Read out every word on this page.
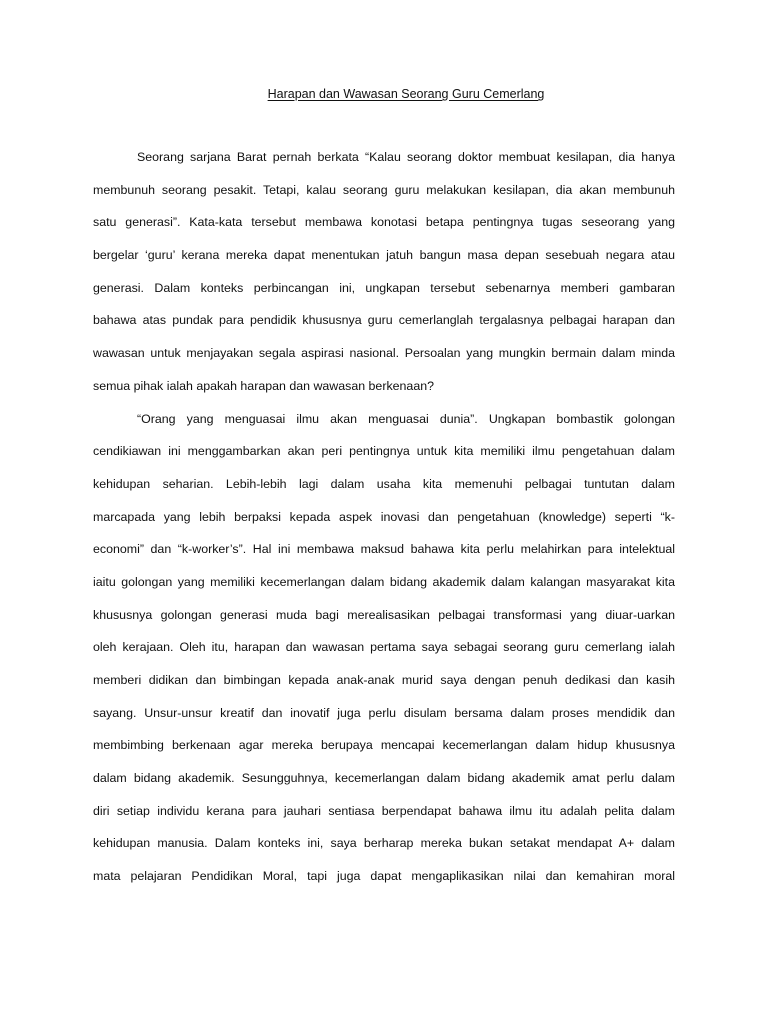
Harapan dan Wawasan Seorang Guru Cemerlang
Seorang sarjana Barat pernah berkata “Kalau seorang doktor membuat kesilapan, dia hanya
membunuh seorang pesakit. Tetapi, kalau seorang guru melakukan kesilapan, dia akan membunuh
satu generasi”. Kata-kata tersebut membawa konotasi betapa pentingnya tugas seseorang yang
bergelar ‘guru’ kerana mereka dapat menentukan jatuh bangun masa depan sesebuah negara atau
generasi. Dalam konteks perbincangan ini, ungkapan tersebut sebenarnya memberi gambaran
bahawa atas pundak para pendidik khususnya guru cemerlanglah tergalasnya pelbagai harapan dan
wawasan untuk menjayakan segala aspirasi nasional. Persoalan yang mungkin bermain dalam minda
semua pihak ialah apakah harapan dan wawasan berkenaan?
“Orang yang menguasai ilmu akan menguasai dunia”. Ungkapan bombastik golongan
cendikiawan ini menggambarkan akan peri pentingnya untuk kita memiliki ilmu pengetahuan dalam
kehidupan seharian. Lebih-lebih lagi dalam usaha kita memenuhi pelbagai tuntutan dalam
marcapada yang lebih berpaksi kepada aspek inovasi dan pengetahuan (knowledge) seperti “k-
economi” dan “k-worker’s”. Hal ini membawa maksud bahawa kita perlu melahirkan para intelektual
iaitu golongan yang memiliki kecemerlangan dalam bidang akademik dalam kalangan masyarakat kita
khususnya golongan generasi muda bagi merealisasikan pelbagai transformasi yang diuar-uarkan
oleh kerajaan. Oleh itu, harapan dan wawasan pertama saya sebagai seorang guru cemerlang ialah
memberi didikan dan bimbingan kepada anak-anak murid saya dengan penuh dedikasi dan kasih
sayang. Unsur-unsur kreatif dan inovatif juga perlu disulam bersama dalam proses mendidik dan
membimbing berkenaan agar mereka berupaya mencapai kecemerlangan dalam hidup khususnya
dalam bidang akademik. Sesungguhnya, kecemerlangan dalam bidang akademik amat perlu dalam
diri setiap individu kerana para jauhari sentiasa berpendapat bahawa ilmu itu adalah pelita dalam
kehidupan manusia. Dalam konteks ini, saya berharap mereka bukan setakat mendapat A+ dalam
mata pelajaran Pendidikan Moral, tapi juga dapat mengaplikasikan nilai dan kemahiran moral
